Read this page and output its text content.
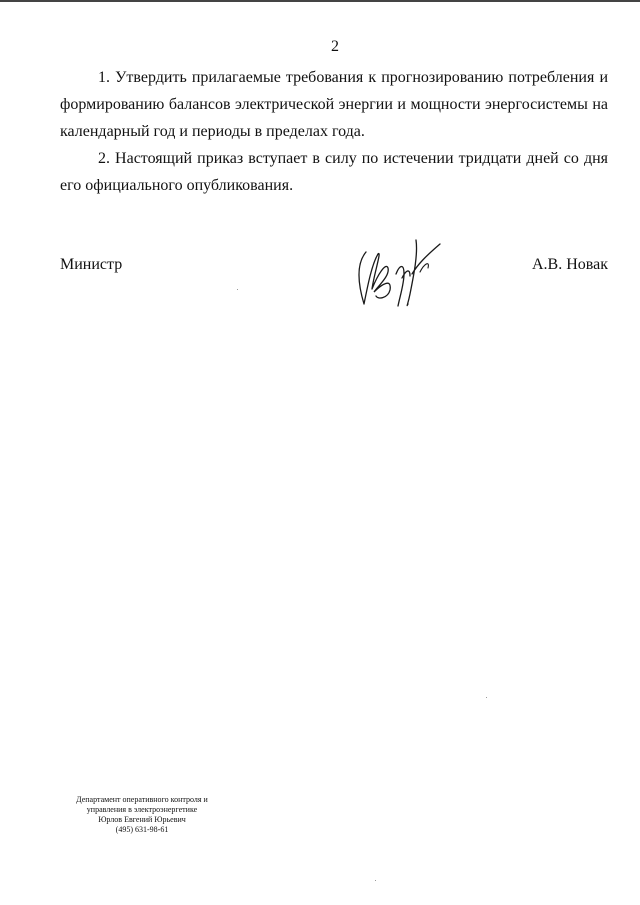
2

1. Утвердить прилагаемые требования к прогнозированию потребления и формированию балансов электрической энергии и мощности энергосистемы на календарный год и периоды в пределах года.

2. Настоящий приказ вступает в силу по истечении тридцати дней со дня его официального опубликования.

Министр	А.В. Новак
Департамент оперативного контроля и
управления в электроэнергетике
Юрлов Евгений Юрьевич
(495) 631-98-61
